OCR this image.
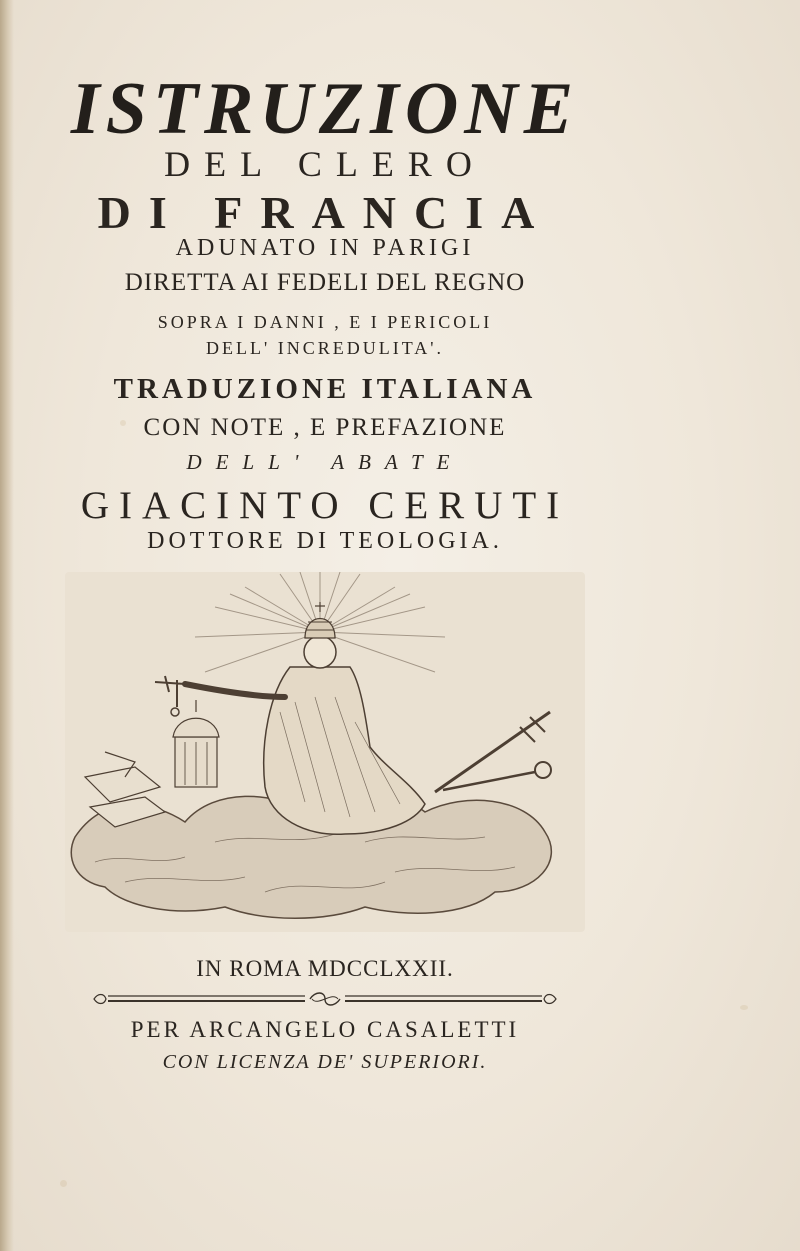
ISTRUZIONE
DEL CLERO
DI FRANCIA
ADUNATO IN PARIGI
DIRETTA AI FEDELI DEL REGNO
SOPRA I DANNI , E I PERICOLI
DELL' INCREDULITA'.
TRADUZIONE ITALIANA
CON NOTE , E PREFAZIONE
DELL' ABATE
GIACINTO CERUTI
DOTTORE DI TEOLOGIA.
IN ROMA MDCCLXXII.
PER ARCANGELO CASALETTI
CON LICENZA DE' SUPERIORI.
